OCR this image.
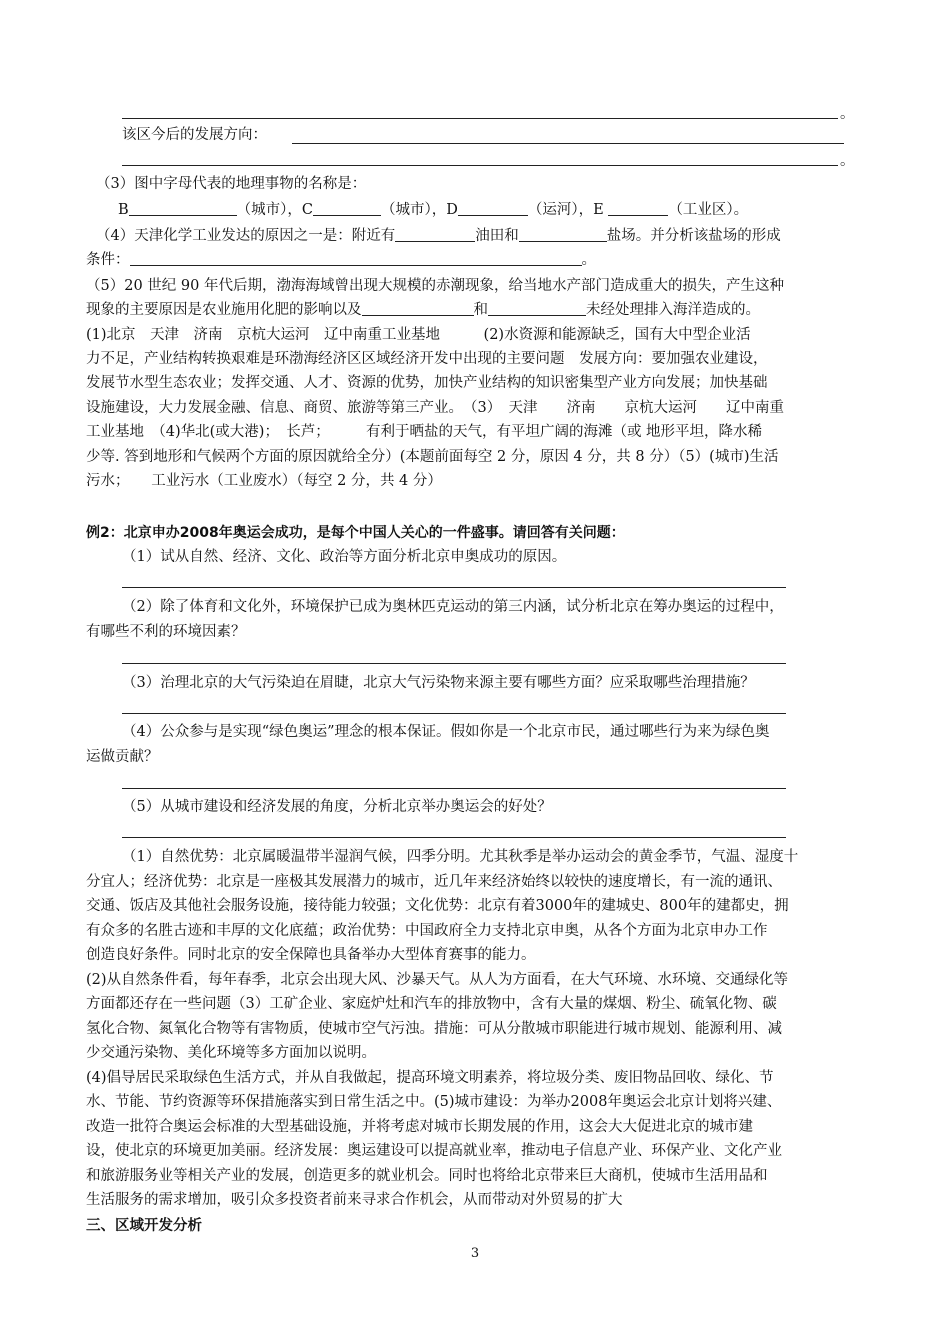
。
该区今后的发展方向：
。
（3）图中字母代表的地理事物的名称是：
B	（城市），C	（城市），D	（运河），E	（工业区）。
（4）天津化学工业发达的原因之一是：附近有	油田和	盐场。并分析该盐场的形成
条件：	。
（5）20 世纪 90 年代后期，渤海海域曾出现大规模的赤潮现象，给当地水产部门造成重大的损失，产生这种
现象的主要原因是农业施用化肥的影响以及	和	未经处理排入海洋造成的。
(1)北京　天津　济南　京杭大运河　辽中南重工业基地　　　(2)水资源和能源缺乏，国有大中型企业活
力不足，产业结构转换艰难是环渤海经济区区域经济开发中出现的主要问题　发展方向：要加强农业建设，
发展节水型生态农业；发挥交通、人才、资源的优势，加快产业结构的知识密集型产业方向发展；加快基础
设施建设，大力发展金融、信息、商贸、旅游等第三产业。　（3）　天津　　济南　　京杭大运河　　辽中南重
工业基地　（4)华北(或大港)；　长芦；　　　有利于晒盐的天气，有平坦广阔的海滩（或 地形平坦，降水稀
少等. 答到地形和气候两个方面的原因就给全分）(本题前面每空 2 分，原因 4 分，共 8 分）（5）(城市)生活
污水；　　工业污水（工业废水）（每空 2 分，共 4 分）
例2：北京申办2008年奥运会成功，是每个中国人关心的一件盛事。请回答有关问题：
（1）试从自然、经济、文化、政治等方面分析北京申奥成功的原因。
（2）除了体育和文化外，环境保护已成为奥林匹克运动的第三内涵，试分析北京在筹办奥运的过程中，
有哪些不利的环境因素？
（3）治理北京的大气污染迫在眉睫，北京大气污染物来源主要有哪些方面？应采取哪些治理措施？
（4）公众参与是实现“绿色奥运”理念的根本保证。假如你是一个北京市民，通过哪些行为来为绿色奥
运做贡献？
（5）从城市建设和经济发展的角度，分析北京举办奥运会的好处？
（1）自然优势：北京属暖温带半湿润气候，四季分明。尤其秋季是举办运动会的黄金季节，气温、湿度十
分宜人；经济优势：北京是一座极其发展潜力的城市，近几年来经济始终以较快的速度增长，有一流的通讯、
交通、饭店及其他社会服务设施，接待能力较强；文化优势：北京有着3000年的建城史、800年的建都史，拥
有众多的名胜古迹和丰厚的文化底蕴；政治优势：中国政府全力支持北京申奥，从各个方面为北京申办工作
创造良好条件。同时北京的安全保障也具备举办大型体育赛事的能力。
(2)从自然条件看，每年春季，北京会出现大风、沙暴天气。从人为方面看，在大气环境、水环境、交通绿化等
方面都还存在一些问题（3）工矿企业、家庭炉灶和汽车的排放物中，含有大量的煤烟、粉尘、硫氧化物、碳
氢化合物、氮氧化合物等有害物质，使城市空气污浊。措施：可从分散城市职能进行城市规划、能源利用、减
少交通污染物、美化环境等多方面加以说明。
(4)倡导居民采取绿色生活方式，并从自我做起，提高环境文明素养，将垃圾分类、废旧物品回收、绿化、节
水、节能、节约资源等环保措施落实到日常生活之中。(5)城市建设：为举办2008年奥运会北京计划将兴建、
改造一批符合奥运会标准的大型基础设施，并将考虑对城市长期发展的作用，这会大大促进北京的城市建
设，使北京的环境更加美丽。经济发展：奥运建设可以提高就业率，推动电子信息产业、环保产业、文化产业
和旅游服务业等相关产业的发展，创造更多的就业机会。同时也将给北京带来巨大商机，使城市生活用品和
生活服务的需求增加，吸引众多投资者前来寻求合作机会，从而带动对外贸易的扩大
三、区域开发分析
3
